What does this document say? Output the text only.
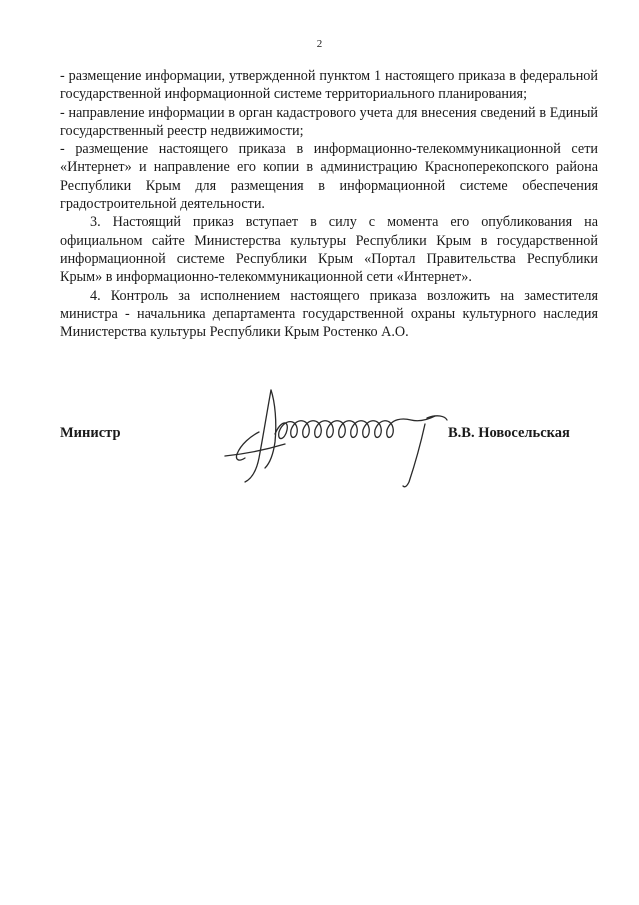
2

- размещение информации, утвержденной пунктом 1 настоящего приказа в федеральной государственной информационной системе территориального планирования;

- направление информации в орган кадастрового учета для внесения сведений в Единый государственный реестр недвижимости;

- размещение настоящего приказа в информационно-телекоммуникационной сети «Интернет» и направление его копии в администрацию Красноперекопского района Республики Крым для размещения в информационной системе обеспечения градостроительной деятельности.

3. Настоящий приказ вступает в силу с момента его опубликования на официальном сайте Министерства культуры Республики Крым в государственной информационной системе Республики Крым «Портал Правительства Республики Крым» в информационно-телекоммуникационной сети «Интернет».

4. Контроль за исполнением настоящего приказа возложить на заместителя министра - начальника департамента государственной охраны культурного наследия Министерства культуры Республики Крым Ростенко А.О.

Министр	В.В. Новосельская
